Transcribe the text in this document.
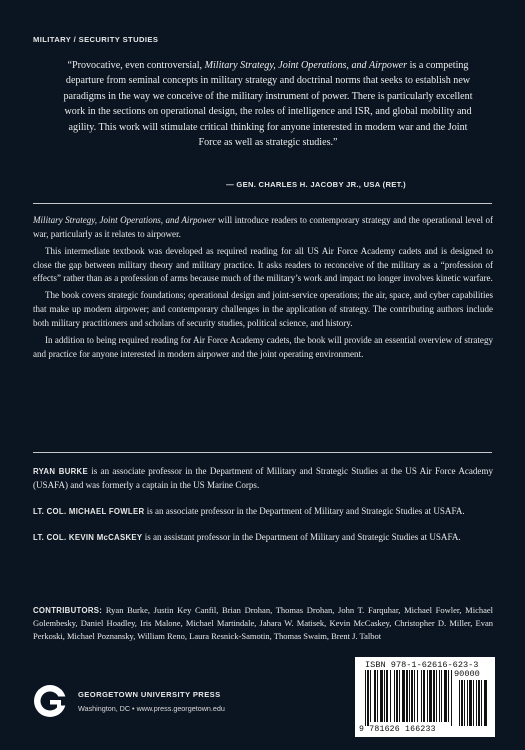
MILITARY / SECURITY STUDIES
“Provocative, even controversial, Military Strategy, Joint Operations, and Airpower is a competing departure from seminal concepts in military strategy and doctrinal norms that seeks to establish new paradigms in the way we conceive of the military instrument of power. There is particularly excellent work in the sections on operational design, the roles of intelligence and ISR, and global mobility and agility. This work will stimulate critical thinking for anyone interested in modern war and the Joint Force as well as strategic studies.”
— GEN. CHARLES H. JACOBY JR., USA (RET.)

Military Strategy, Joint Operations, and Airpower will introduce readers to contemporary strategy and the operational level of war, particularly as it relates to airpower.

This intermediate textbook was developed as required reading for all US Air Force Academy cadets and is designed to close the gap between military theory and military practice. It asks readers to reconceive of the military as a “profession of effects” rather than as a profession of arms because much of the military’s work and impact no longer involves kinetic warfare.

The book covers strategic foundations; operational design and joint-service operations; the air, space, and cyber capabilities that make up modern airpower; and contemporary challenges in the application of strategy. The contributing authors include both military practitioners and scholars of security studies, political science, and history.

In addition to being required reading for Air Force Academy cadets, the book will provide an essential overview of strategy and practice for anyone interested in modern airpower and the joint operating environment.

RYAN BURKE is an associate professor in the Department of Military and Strategic Studies at the US Air Force Academy (USAFA) and was formerly a captain in the US Marine Corps.

LT. COL. MICHAEL FOWLER is an associate professor in the Department of Military and Strategic Studies at USAFA.

LT. COL. KEVIN McCASKEY is an assistant professor in the Department of Military and Strategic Studies at USAFA.

CONTRIBUTORS: Ryan Burke, Justin Key Canfil, Brian Drohan, Thomas Drohan, John T. Farquhar, Michael Fowler, Michael Golembesky, Daniel Hoadley, Iris Malone, Michael Martindale, Jahara W. Matisek, Kevin McCaskey, Christopher D. Miller, Evan Perkoski, Michael Poznansky, William Reno, Laura Resnick-Samotin, Thomas Swaim, Brent J. Talbot
GEORGETOWN UNIVERSITY PRESS
Washington, DC • www.press.georgetown.edu
ISBN 978-1-62616-623-3
90000
9 781626 166233
